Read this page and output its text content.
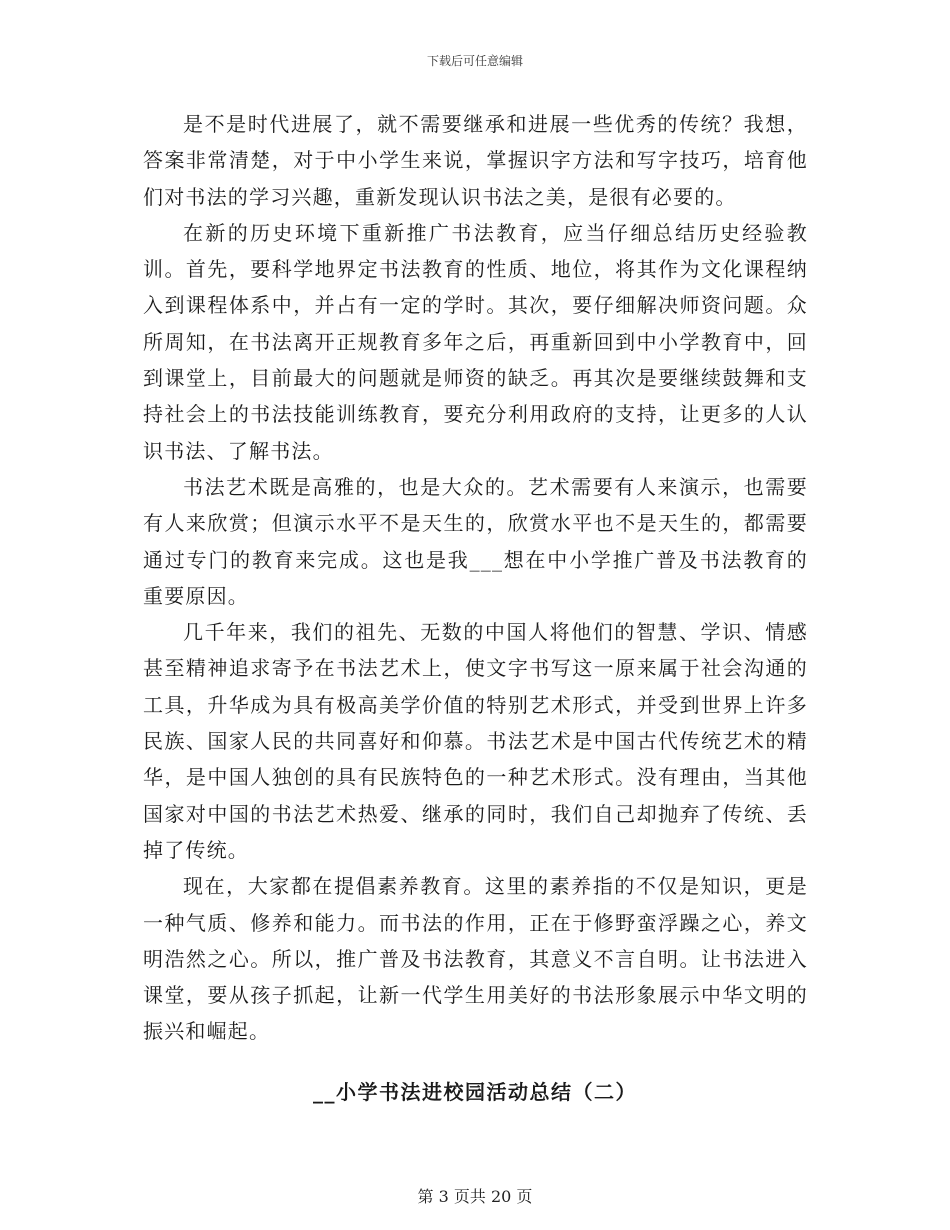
下载后可任意编辑

是不是时代进展了，就不需要继承和进展一些优秀的传统？我想，答案非常清楚，对于中小学生来说，掌握识字方法和写字技巧，培育他们对书法的学习兴趣，重新发现认识书法之美，是很有必要的。

在新的历史环境下重新推广书法教育，应当仔细总结历史经验教训。首先，要科学地界定书法教育的性质、地位，将其作为文化课程纳入到课程体系中，并占有一定的学时。其次，要仔细解决师资问题。众所周知，在书法离开正规教育多年之后，再重新回到中小学教育中，回到课堂上，目前最大的问题就是师资的缺乏。再其次是要继续鼓舞和支持社会上的书法技能训练教育，要充分利用政府的支持，让更多的人认识书法、了解书法。

书法艺术既是高雅的，也是大众的。艺术需要有人来演示，也需要有人来欣赏；但演示水平不是天生的，欣赏水平也不是天生的，都需要通过专门的教育来完成。这也是我___想在中小学推广普及书法教育的重要原因。

几千年来，我们的祖先、无数的中国人将他们的智慧、学识、情感甚至精神追求寄予在书法艺术上，使文字书写这一原来属于社会沟通的工具，升华成为具有极高美学价值的特别艺术形式，并受到世界上许多民族、国家人民的共同喜好和仰慕。书法艺术是中国古代传统艺术的精华，是中国人独创的具有民族特色的一种艺术形式。没有理由，当其他国家对中国的书法艺术热爱、继承的同时，我们自己却抛弃了传统、丢掉了传统。

现在，大家都在提倡素养教育。这里的素养指的不仅是知识，更是一种气质、修养和能力。而书法的作用，正在于修野蛮浮躁之心，养文明浩然之心。所以，推广普及书法教育，其意义不言自明。让书法进入课堂，要从孩子抓起，让新一代学生用美好的书法形象展示中华文明的振兴和崛起。

__小学书法进校园活动总结（二）
第 3 页共 20 页
